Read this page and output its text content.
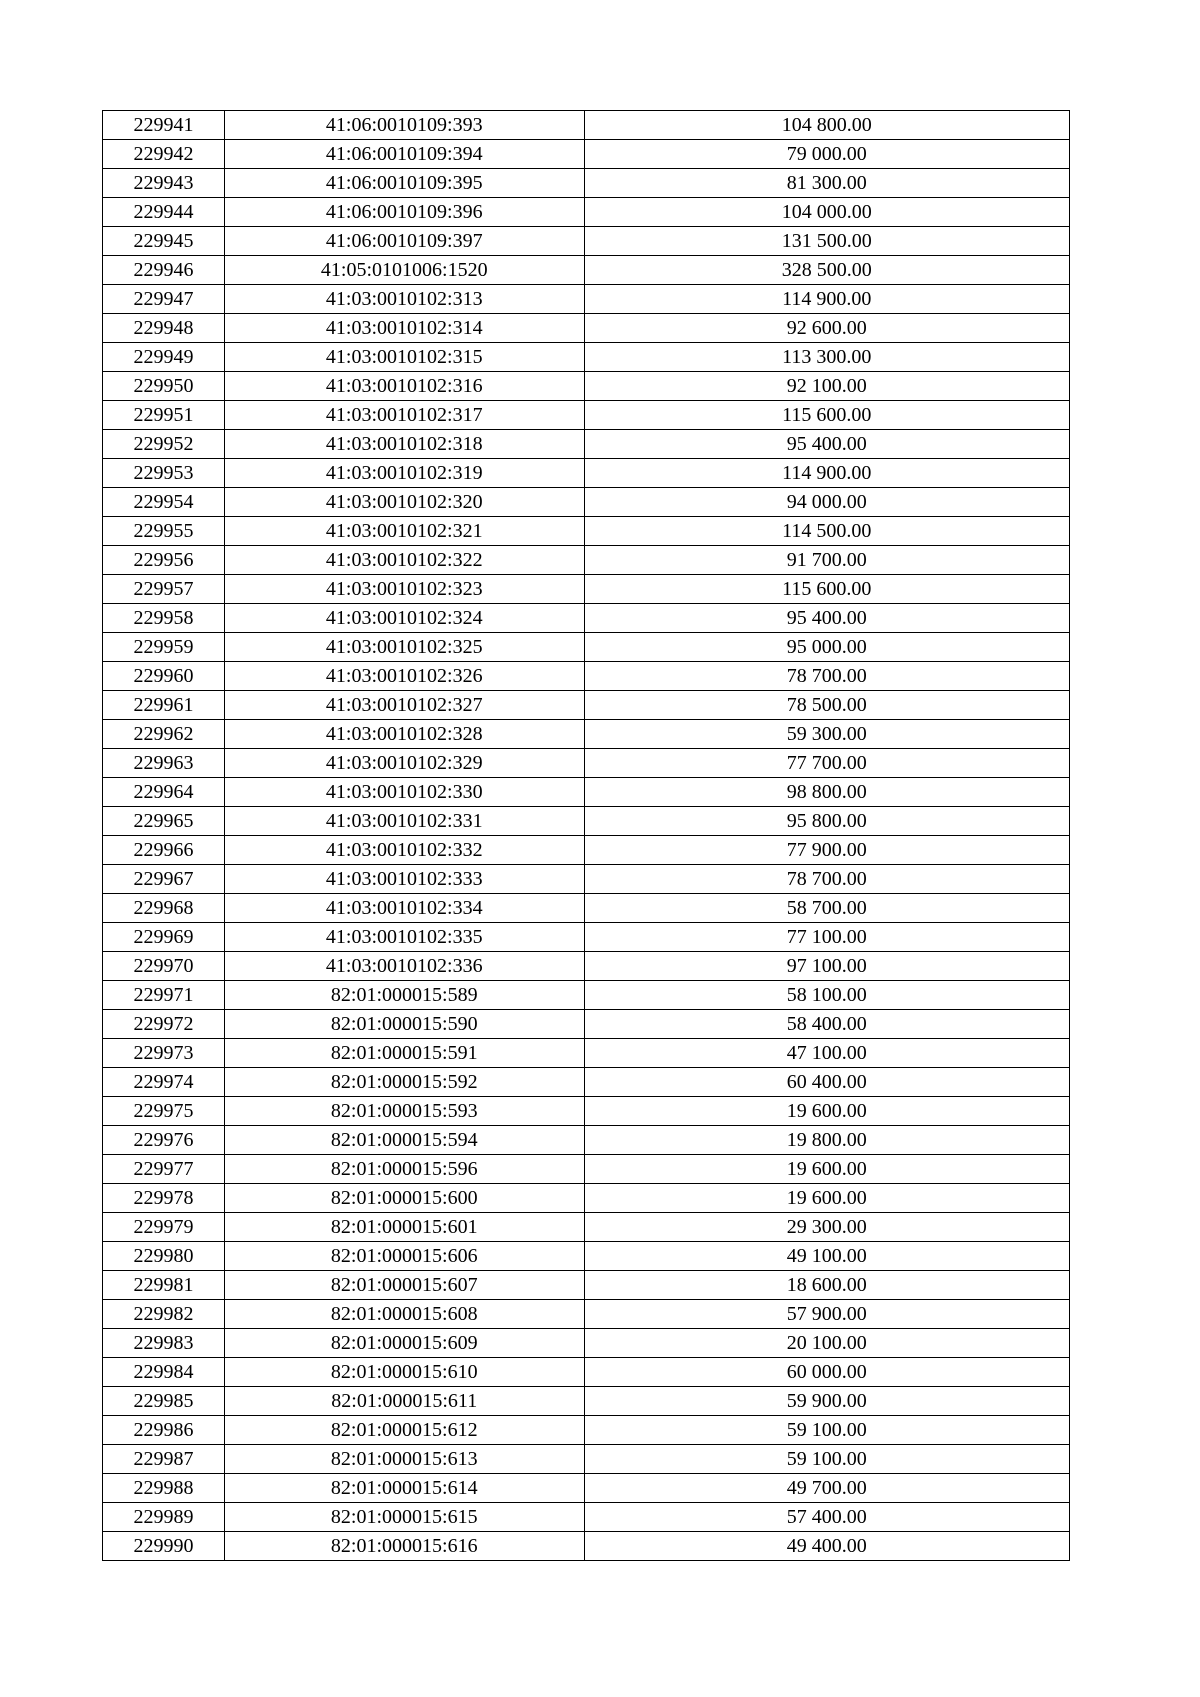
229941	41:06:0010109:393	104 800.00
229942	41:06:0010109:394	79 000.00
229943	41:06:0010109:395	81 300.00
229944	41:06:0010109:396	104 000.00
229945	41:06:0010109:397	131 500.00
229946	41:05:0101006:1520	328 500.00
229947	41:03:0010102:313	114 900.00
229948	41:03:0010102:314	92 600.00
229949	41:03:0010102:315	113 300.00
229950	41:03:0010102:316	92 100.00
229951	41:03:0010102:317	115 600.00
229952	41:03:0010102:318	95 400.00
229953	41:03:0010102:319	114 900.00
229954	41:03:0010102:320	94 000.00
229955	41:03:0010102:321	114 500.00
229956	41:03:0010102:322	91 700.00
229957	41:03:0010102:323	115 600.00
229958	41:03:0010102:324	95 400.00
229959	41:03:0010102:325	95 000.00
229960	41:03:0010102:326	78 700.00
229961	41:03:0010102:327	78 500.00
229962	41:03:0010102:328	59 300.00
229963	41:03:0010102:329	77 700.00
229964	41:03:0010102:330	98 800.00
229965	41:03:0010102:331	95 800.00
229966	41:03:0010102:332	77 900.00
229967	41:03:0010102:333	78 700.00
229968	41:03:0010102:334	58 700.00
229969	41:03:0010102:335	77 100.00
229970	41:03:0010102:336	97 100.00
229971	82:01:000015:589	58 100.00
229972	82:01:000015:590	58 400.00
229973	82:01:000015:591	47 100.00
229974	82:01:000015:592	60 400.00
229975	82:01:000015:593	19 600.00
229976	82:01:000015:594	19 800.00
229977	82:01:000015:596	19 600.00
229978	82:01:000015:600	19 600.00
229979	82:01:000015:601	29 300.00
229980	82:01:000015:606	49 100.00
229981	82:01:000015:607	18 600.00
229982	82:01:000015:608	57 900.00
229983	82:01:000015:609	20 100.00
229984	82:01:000015:610	60 000.00
229985	82:01:000015:611	59 900.00
229986	82:01:000015:612	59 100.00
229987	82:01:000015:613	59 100.00
229988	82:01:000015:614	49 700.00
229989	82:01:000015:615	57 400.00
229990	82:01:000015:616	49 400.00
